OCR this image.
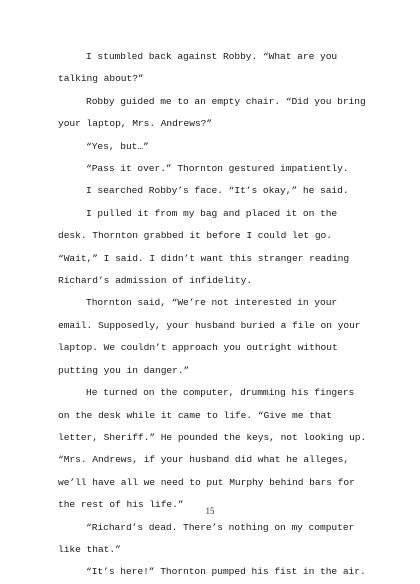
I stumbled back against Robby. “What are you talking about?”

Robby guided me to an empty chair. “Did you bring your laptop, Mrs. Andrews?”

“Yes, but…”

“Pass it over.” Thornton gestured impatiently.

I searched Robby’s face. “It’s okay,” he said.

I pulled it from my bag and placed it on the desk. Thornton grabbed it before I could let go. “Wait,” I said. I didn’t want this stranger reading Richard’s admission of infidelity.

Thornton said, “We’re not interested in your email. Supposedly, your husband buried a file on your laptop. We couldn’t approach you outright without putting you in danger.”

He turned on the computer, drumming his fingers on the desk while it came to life. “Give me that letter, Sheriff.” He pounded the keys, not looking up. “Mrs. Andrews, if your husband did what he alleges, we’ll have all we need to put Murphy behind bars for the rest of his life.”

“Richard’s dead. There’s nothing on my computer like that.”

“It’s here!” Thornton pumped his fist in the air.

15
